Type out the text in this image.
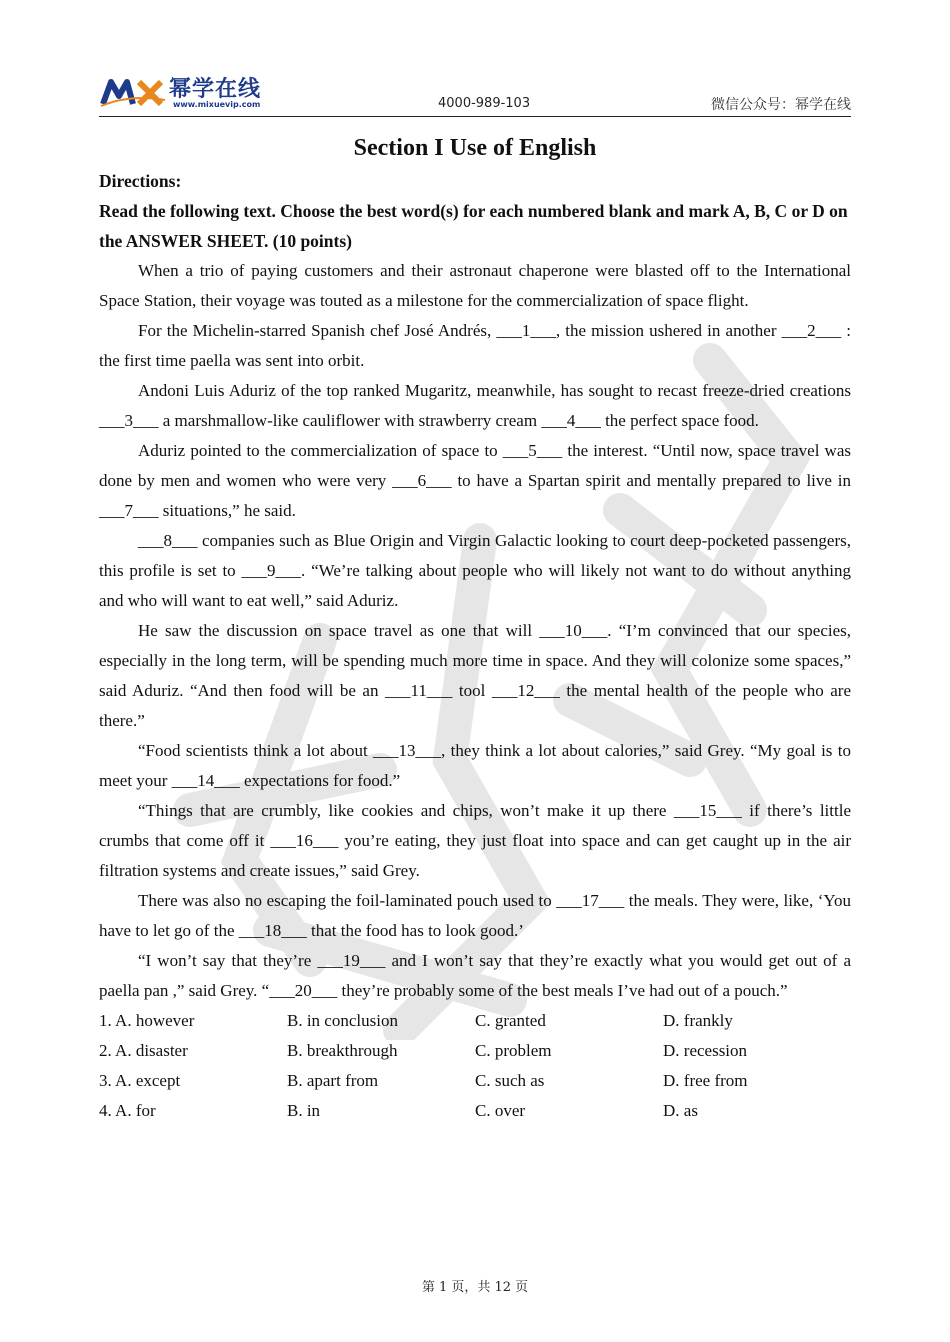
幂学在线
www.mixuevip.com	4000-989-103	微信公众号：幂学在线
Section I Use of English
Directions:
Read the following text. Choose the best word(s) for each numbered blank and mark A, B, C or D on the ANSWER SHEET. (10 points)

When a trio of paying customers and their astronaut chaperone were blasted off to the International Space Station, their voyage was touted as a milestone for the commercialization of space flight.

For the Michelin-starred Spanish chef José Andrés, ___1___, the mission ushered in another ___2___ : the first time paella was sent into orbit.

Andoni Luis Aduriz of the top ranked Mugaritz, meanwhile, has sought to recast freeze-dried creations ___3___ a marshmallow-like cauliflower with strawberry cream ___4___ the perfect space food.

Aduriz pointed to the commercialization of space to ___5___ the interest. “Until now, space travel was done by men and women who were very ___6___ to have a Spartan spirit and mentally prepared to live in ___7___ situations,” he said.

___8___ companies such as Blue Origin and Virgin Galactic looking to court deep-pocketed passengers, this profile is set to ___9___. “We’re talking about people who will likely not want to do without anything and who will want to eat well,” said Aduriz.

He saw the discussion on space travel as one that will ___10___. “I’m convinced that our species, especially in the long term, will be spending much more time in space. And they will colonize some spaces,” said Aduriz. “And then food will be an ___11___ tool ___12___ the mental health of the people who are there.”

“Food scientists think a lot about ___13___, they think a lot about calories,” said Grey. “My goal is to meet your ___14___ expectations for food.”

“Things that are crumbly, like cookies and chips, won’t make it up there ___15___ if there’s little crumbs that come off it ___16___ you’re eating, they just float into space and can get caught up in the air filtration systems and create issues,” said Grey.

There was also no escaping the foil-laminated pouch used to ___17___ the meals. They were, like, ‘You have to let go of the ___18___ that the food has to look good.’

“I won’t say that they’re ___19___ and I won’t say that they’re exactly what you would get out of a paella pan ,” said Grey. “___20___ they’re probably some of the best meals I’ve had out of a pouch.”

1. A. however	B. in conclusion	C. granted	D. frankly
2. A. disaster	B. breakthrough	C. problem	D. recession
3. A. except	B. apart from	C. such as	D. free from
4. A. for	B. in	C. over	D. as
第 1 页，共 12 页
